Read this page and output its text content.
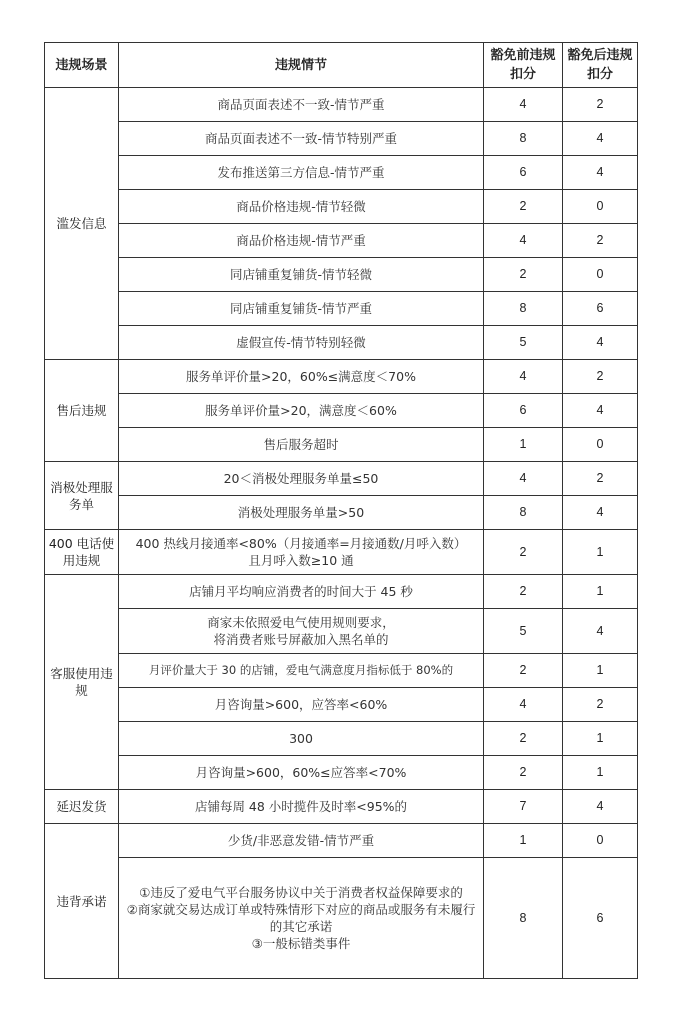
违规场景	违规情节	豁免前违规扣分	豁免后违规扣分
滥发信息	商品页面表述不一致-情节严重	4	2
	商品页面表述不一致-情节特别严重	8	4
	发布推送第三方信息-情节严重	6	4
	商品价格违规-情节轻微	2	0
	商品价格违规-情节严重	4	2
	同店铺重复铺货-情节轻微	2	0
	同店铺重复铺货-情节严重	8	6
	虚假宣传-情节特别轻微	5	4
售后违规	服务单评价量>20，60%≤满意度＜70%	4	2
	服务单评价量>20，满意度＜60%	6	4
	售后服务超时	1	0
消极处理服务单	20＜消极处理服务单量≤50	4	2
	消极处理服务单量>50	8	4
400 电话使用违规	400 热线月接通率<80%（月接通率=月接通数/月呼入数）
且月呼入数≥10 通	2	1
客服使用违规	店铺月平均响应消费者的时间大于 45 秒	2	1

	商家未依照爱电气使用规则要求，
将消费者账号屏蔽加入黑名单的	5	4
	月评价量大于 30 的店铺，爱电气满意度月指标低于 80%的	2	1
	月咨询量>600，应答率<60%	4	2
	300	2	1
	月咨询量>600，60%≤应答率<70%	2	1
延迟发货	店铺每周 48 小时揽件及时率<95%的	7	4
违背承诺	少货/非恶意发错-情节严重	1	0

	①违反了爱电气平台服务协议中关于消费者权益保障要求的
②商家就交易达成订单或特殊情形下对应的商品或服务有未履行的其它承诺
③一般标错类事件	8	6
